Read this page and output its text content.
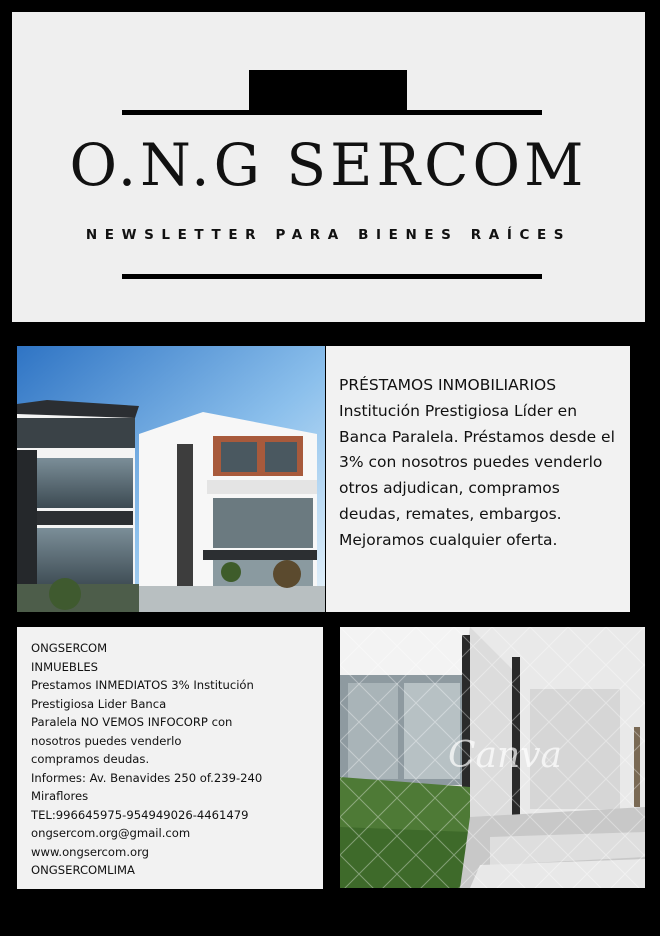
O.N.G SERCOM
NEWSLETTER PARA BIENES RAÍCES
PRÉSTAMOS INMOBILIARIOS
Institución Prestigiosa Líder en
Banca Paralela. Préstamos desde el
3% con nosotros puedes venderlo
otros adjudican, compramos
deudas, remates, embargos.
Mejoramos cualquier oferta.
ONGSERCOM
INMUEBLES
Prestamos INMEDIATOS 3% Institución
Prestigiosa Lider Banca
Paralela NO VEMOS INFOCORP con
nosotros puedes venderlo
compramos deudas.
Informes: Av. Benavides 250 of.239-240
Miraflores
TEL:996645975-954949026-4461479
ongsercom.org@gmail.com
www.ongsercom.org
ONGSERCOMLIMA
Canva
